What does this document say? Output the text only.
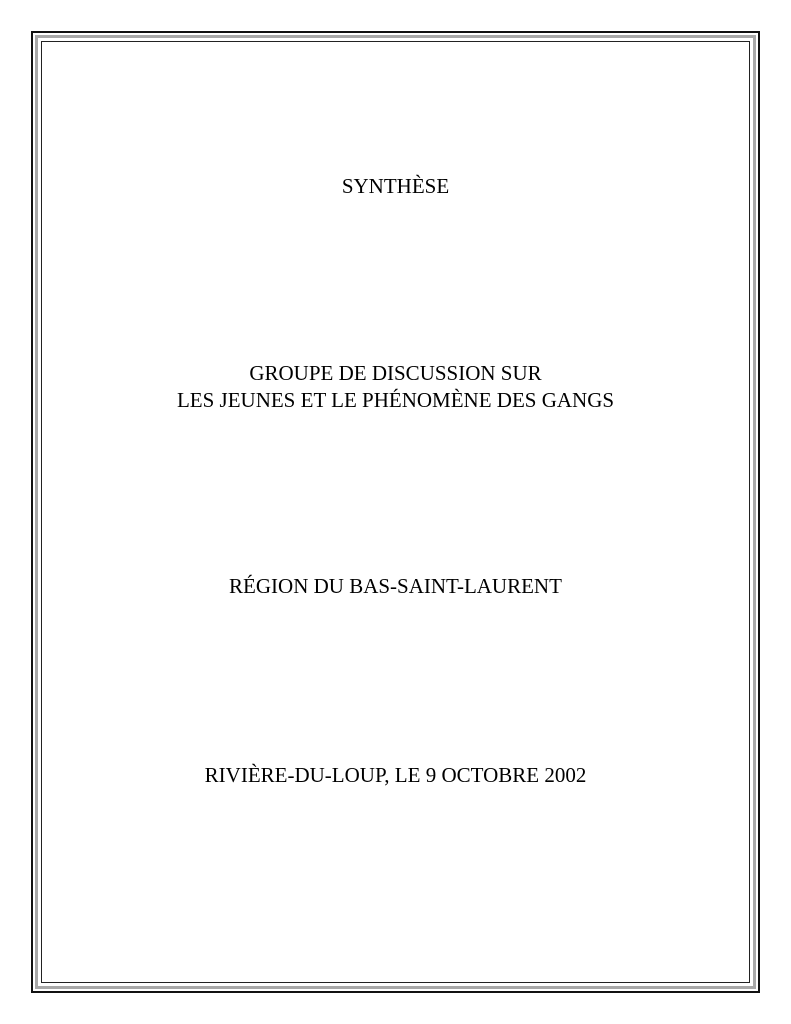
SYNTHÈSE
GROUPE DE DISCUSSION SUR
LES JEUNES ET LE PHÉNOMÈNE DES GANGS
RÉGION DU BAS-SAINT-LAURENT
RIVIÈRE-DU-LOUP, LE 9 OCTOBRE 2002
